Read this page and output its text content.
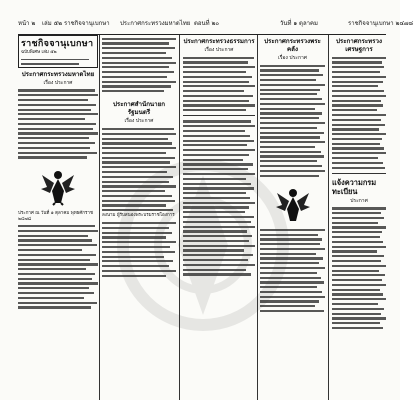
หน้า ๒ เล่ม ๕๒ ราชกิจจานุเบกษา ประกาศกระทรวงมหาดไทย ตอนที่ ๒๐	วันที่ ๑ ตุลาคม	ราชกิจจานุเบกษา ๒๔๗๘
ราชกิจจานุเบกษา
ฉบับพิเศษ เล่ม ๕๒
ประกาศกระทรวงมหาดไทย
เรื่อง ประกาศ
ประกาศ ณ วันที่ ๑ ตุลาคม พุทธศักราช ๒๔๗๘
ประกาศสำนักนายกรัฐมนตรี
เรื่อง ประกาศ
ลงนาม ผู้รับสนองพระบรมราชโองการ
ประกาศกระทรวงธรรมการ
เรื่อง ประกาศ
ประกาศกระทรวงพระคลัง
เรื่อง ประกาศ
ประกาศกระทรวงเศรษฐการ
แจ้งความกรมทะเบียน
ประกาศ
